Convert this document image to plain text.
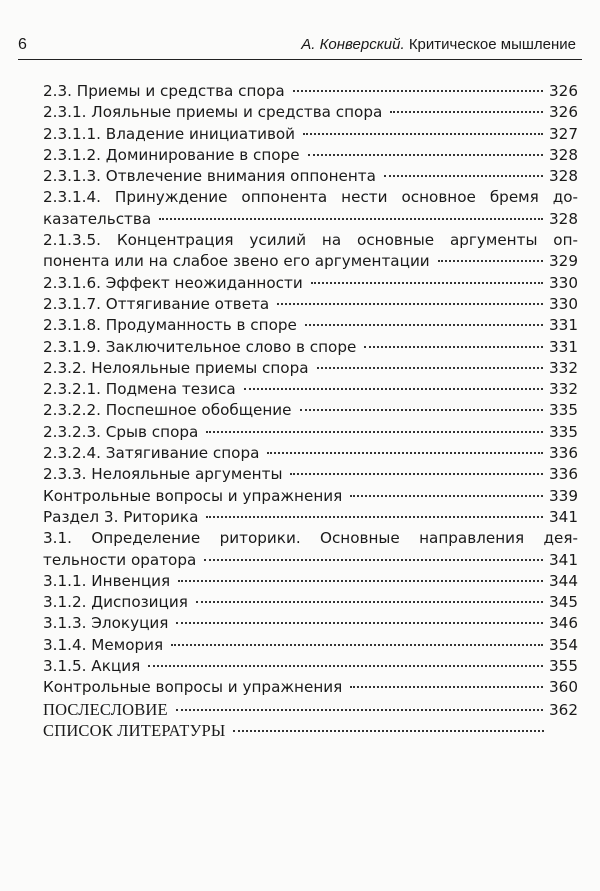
6	А. Конверский. Критическое мышление
2.3. Приемы и средства спора	326
2.3.1. Лояльные приемы и средства спора	326
2.3.1.1. Владение инициативой	327
2.3.1.2. Доминирование в споре	328
2.3.1.3. Отвлечение внимания оппонента	328
2.3.1.4. Принуждение оппонента нести основное бремя до-
казательства	328
2.1.3.5. Концентрация усилий на основные аргументы оп-
понента или на слабое звено его аргументации	329
2.3.1.6. Эффект неожиданности	330
2.3.1.7. Оттягивание ответа	330
2.3.1.8. Продуманность в споре	331
2.3.1.9. Заключительное слово в споре	331
2.3.2. Нелояльные приемы спора	332
2.3.2.1. Подмена тезиса	332
2.3.2.2. Поспешное обобщение	335
2.3.2.3. Срыв спора	335
2.3.2.4. Затягивание спора	336
2.3.3. Нелояльные аргументы	336
Контрольные вопросы и упражнения	339
Раздел 3. Риторика	341
3.1. Определение риторики. Основные направления дея-
тельности оратора	341
3.1.1. Инвенция	344
3.1.2. Диспозиция	345
3.1.3. Элокуция	346
3.1.4. Мемория	354
3.1.5. Акция	355
Контрольные вопросы и упражнения	360
ПОСЛЕСЛОВИЕ	362
СПИСОК ЛИТЕРАТУРЫ
